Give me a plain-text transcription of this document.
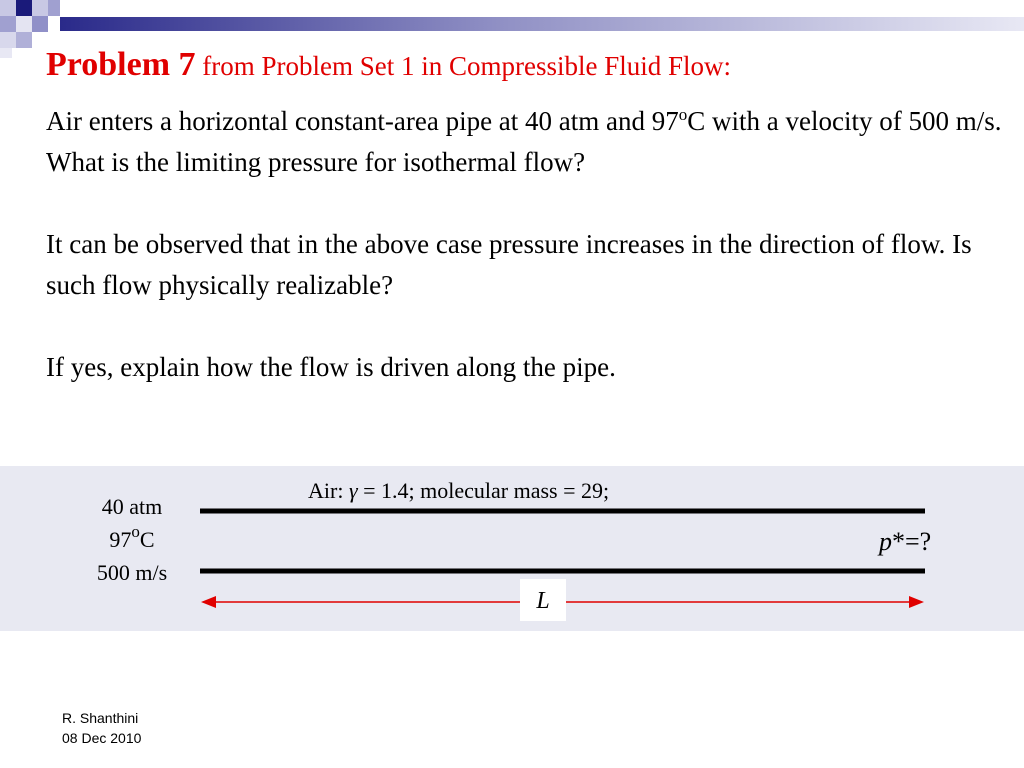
Problem 7 from Problem Set 1 in Compressible Fluid Flow:

Air enters a horizontal constant-area pipe at 40 atm and 97$^o$C with a velocity of 500 m/s. What is the limiting pressure for isothermal flow?

It can be observed that in the above case pressure increases in the direction of flow. Is such flow physically realizable?

If yes, explain how the flow is driven along the pipe.

40 atm
97$^o$C
500 m/s
Air: γ = 1.4; molecular mass = 29;
p*=?
L
R. Shanthini
08 Dec 2010
